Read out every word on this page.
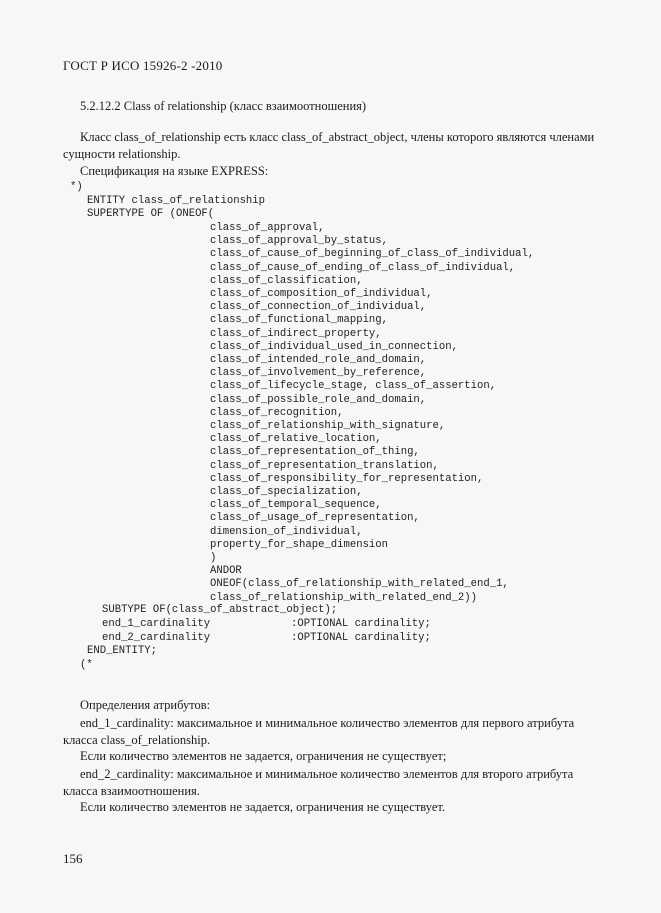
ГОСТ Р ИСО 15926-2 -2010
5.2.12.2 Class of relationship (класс взаимоотношения)
Класс class_of_relationship есть класс class_of_abstract_object, члены которого являются членами сущности relationship.
Спецификация на языке EXPRESS:
*)
ENTITY class_of_relationship
SUPERTYPE OF (ONEOF(
class_of_approval,
class_of_approval_by_status,
class_of_cause_of_beginning_of_class_of_individual,
class_of_cause_of_ending_of_class_of_individual,
class_of_classification,
class_of_composition_of_individual,
class_of_connection_of_individual,
class_of_functional_mapping,
class_of_indirect_property,
class_of_individual_used_in_connection,
class_of_intended_role_and_domain,
class_of_involvement_by_reference,
class_of_lifecycle_stage, class_of_assertion,
class_of_possible_role_and_domain,
class_of_recognition,
class_of_relationship_with_signature,
class_of_relative_location,
class_of_representation_of_thing,
class_of_representation_translation,
class_of_responsibility_for_representation,
class_of_specialization,
class_of_temporal_sequence,
class_of_usage_of_representation,
dimension_of_individual,
property_for_shape_dimension
)
ANDOR
ONEOF(class_of_relationship_with_related_end_1,
class_of_relationship_with_related_end_2))
SUBTYPE OF(class_of_abstract_object);
end_1_cardinality	:OPTIONAL cardinality;
end_2_cardinality	:OPTIONAL cardinality;
END_ENTITY;
(*
Определения атрибутов:
end_1_cardinality: максимальное и минимальное количество элементов для первого атрибута класса class_of_relationship.
Если количество элементов не задается, ограничения не существует;
end_2_cardinality: максимальное и минимальное количество элементов для второго атрибута класса взаимоотношения.
Если количество элементов не задается, ограничения не существует.
156
